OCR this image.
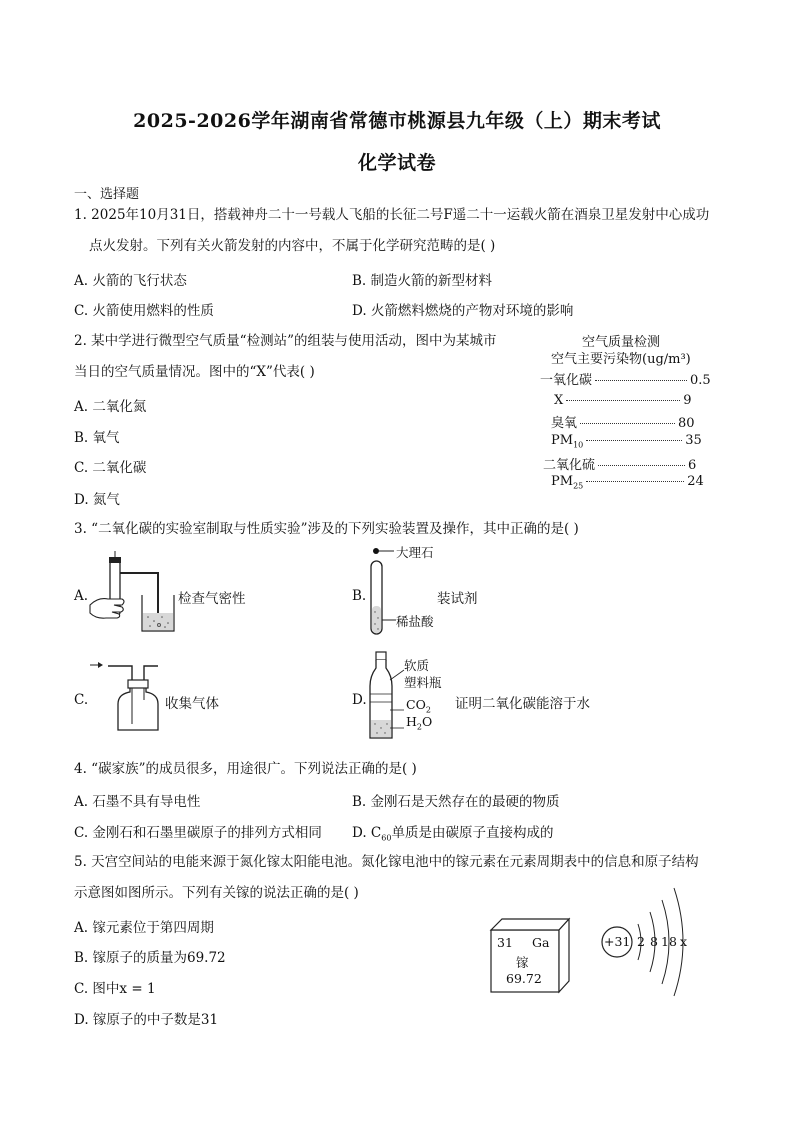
2025-2026学年湖南省常德市桃源县九年级（上）期末考试
化学试卷
一、选择题
1. 2025年10月31日，搭载神舟二十一号载人飞船的长征二号F遥二十一运载火箭在酒泉卫星发射中心成功
点火发射。下列有关火箭发射的内容中，不属于化学研究范畴的是( )
A. 火箭的飞行状态	B. 制造火箭的新型材料
C. 火箭使用燃料的性质	D. 火箭燃料燃烧的产物对环境的影响
2. 某中学进行微型空气质量“检测站”的组装与使用活动，图中为某城市
当日的空气质量情况。图中的“X”代表( )
A. 二氧化氮
B. 氧气
C. 二氧化碳
D. 氮气
空气质量检测
空气主要污染物(ug/m³)
一氧化碳	0.5
X	9
臭氧	80
$PM_{10}$	35
二氧化硫	6
$PM_{25}$	24
3. “二氧化碳的实验室制取与性质实验”涉及的下列实验装置及操作，其中正确的是( )
A.	检查气密性	B.
大理石
稀盐酸
装试剂
C.	收集气体	D.
软质
塑料瓶
$CO_2$
$H_2O$
证明二氧化碳能溶于水
4. “碳家族”的成员很多，用途很广。下列说法正确的是( )
A. 石墨不具有导电性	B. 金刚石是天然存在的最硬的物质
C. 金刚石和石墨里碳原子的排列方式相同 D. $C_{60}$单质是由碳原子直接构成的
5. 天宫空间站的电能来源于氮化镓太阳能电池。氮化镓电池中的镓元素在元素周期表中的信息和原子结构
示意图如图所示。下列有关镓的说法正确的是( )
A. 镓元素位于第四周期
B. 镓原子的质量为69.72
C. 图中x = 1
D. 镓原子的中子数是31
31 Ga
镓
69.72
+31 2 8 18 x
